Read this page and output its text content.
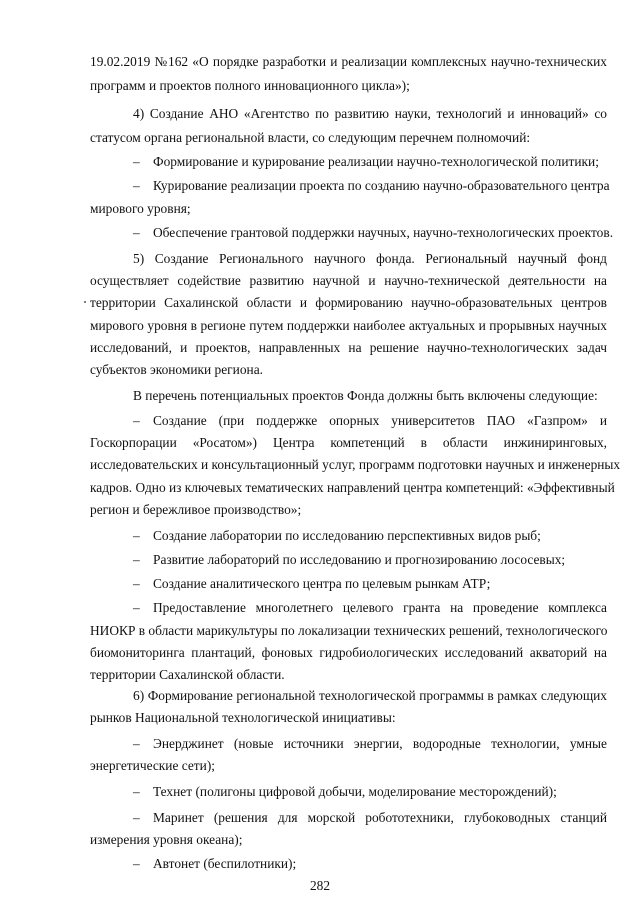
19.02.2019 №162 «О порядке разработки и реализации комплексных научно-технических
программ и проектов полного инновационного цикла»);
4) Создание АНО «Агентство по развитию науки, технологий и инноваций» со
статусом органа региональной власти, со следующим перечнем полномочий:
– Формирование и курирование реализации научно-технологической политики;
– Курирование реализации проекта по созданию научно-образовательного центра
мирового уровня;
– Обеспечение грантовой поддержки научных, научно-технологических проектов.
5) Создание Регионального научного фонда. Региональный научный фонд
осуществляет содействие развитию научной и научно-технической деятельности на
территории Сахалинской области и формированию научно-образовательных центров
мирового уровня в регионе путем поддержки наиболее актуальных и прорывных научных
исследований, и проектов, направленных на решение научно-технологических задач
субъектов экономики региона.
В перечень потенциальных проектов Фонда должны быть включены следующие:
– Создание (при поддержке опорных университетов ПАО «Газпром» и
Госкорпорации «Росатом») Центра компетенций в области инжиниринговых,
исследовательских и консультационный услуг, программ подготовки научных и инженерных
кадров. Одно из ключевых тематических направлений центра компетенций: «Эффективный
регион и бережливое производство»;
– Создание лаборатории по исследованию перспективных видов рыб;
– Развитие лабораторий по исследованию и прогнозированию лососевых;
– Создание аналитического центра по целевым рынкам АТР;
– Предоставление многолетнего целевого гранта на проведение комплекса
НИОКР в области марикультуры по локализации технических решений, технологического
биомониторинга плантаций, фоновых гидробиологических исследований акваторий на
территории Сахалинской области.
282
6) Формирование региональной технологической программы в рамках следующих
рынков Национальной технологической инициативы:
– Энерджинет (новые источники энергии, водородные технологии, умные
энергетические сети);
– Технет (полигоны цифровой добычи, моделирование месторождений);
– Маринет (решения для морской робототехники, глубоководных станций
измерения уровня океана);
– Автонет (беспилотники);
